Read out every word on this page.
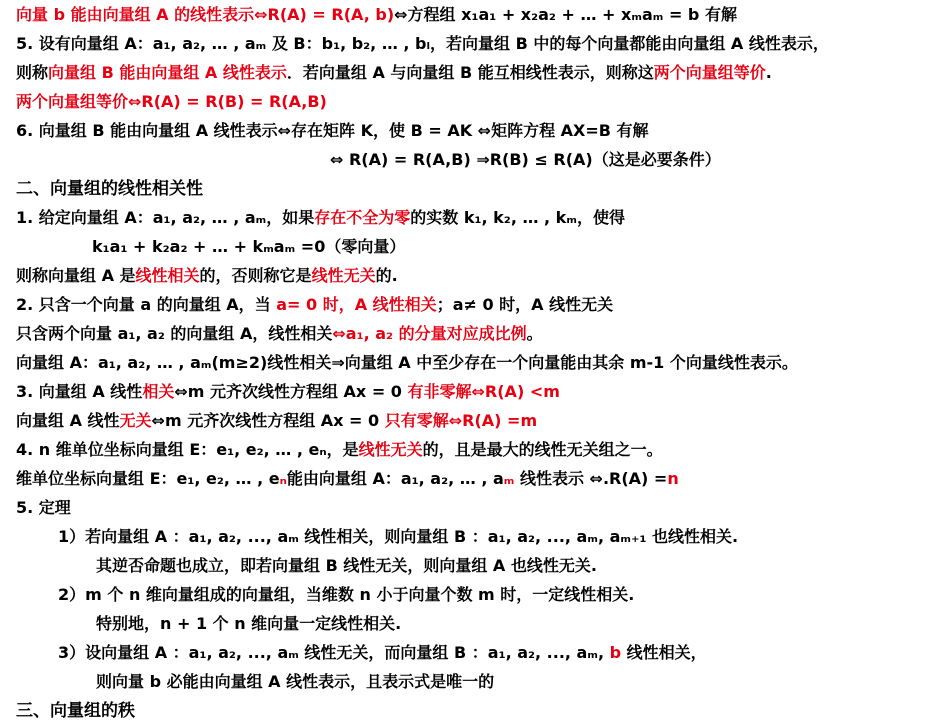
向量 b 能由向量组 A 的线性表示⇔R(A) = R(A, b)⇔方程组 x₁a₁ + x₂a₂ + … + xₘaₘ = b 有解
5. 设有向量组 A：a₁, a₂, … , aₘ 及 B：b₁, b₂, … , bₗ，若向量组 B 中的每个向量都能由向量组 A 线性表示，
则称向量组 B 能由向量组 A 线性表示．若向量组 A 与向量组 B 能互相线性表示，则称这两个向量组等价.
两个向量组等价⇔R(A) = R(B) = R(A,B)
6. 向量组 B 能由向量组 A 线性表示⇔存在矩阵 K，使 B = AK ⇔矩阵方程 AX=B 有解
⇔ R(A) = R(A,B) ⇒R(B) ≤ R(A)（这是必要条件）
二、向量组的线性相关性
1. 给定向量组 A：a₁, a₂, … , aₘ，如果存在不全为零的实数 k₁, k₂, … , kₘ，使得
k₁a₁ + k₂a₂ + … + kₘaₘ =0（零向量）
则称向量组 A 是线性相关的，否则称它是线性无关的.
2. 只含一个向量 a 的向量组 A，当 a= 0 时，A 线性相关；a≠ 0 时，A 线性无关
只含两个向量 a₁, a₂ 的向量组 A，线性相关⇔a₁, a₂ 的分量对应成比例。
向量组 A：a₁, a₂, … , aₘ(m≥2)线性相关⇒向量组 A 中至少存在一个向量能由其余 m-1 个向量线性表示。
3. 向量组 A 线性相关⇔m 元齐次线性方程组 Ax = 0 有非零解⇔R(A) <m
向量组 A 线性无关⇔m 元齐次线性方程组 Ax = 0 只有零解⇔R(A) =m
4. n 维单位坐标向量组 E：e₁, e₂, … , eₙ，是线性无关的，且是最大的线性无关组之一。
维单位坐标向量组 E：e₁, e₂, … , eₙ能由向量组 A：a₁, a₂, … , aₘ 线性表示 ⇔.R(A) =n
5. 定理
1）若向量组 A ：a₁, a₂, ..., aₘ 线性相关，则向量组 B ：a₁, a₂, ..., aₘ, aₘ₊₁ 也线性相关.
其逆否命题也成立，即若向量组 B 线性无关，则向量组 A 也线性无关.
2）m 个 n 维向量组成的向量组，当维数 n 小于向量个数 m 时，一定线性相关.
特别地，n + 1 个 n 维向量一定线性相关.
3）设向量组 A ：a₁, a₂, ..., aₘ 线性无关，而向量组 B ：a₁, a₂, ..., aₘ, b 线性相关，
则向量 b 必能由向量组 A 线性表示，且表示式是唯一的
三、向量组的秩
